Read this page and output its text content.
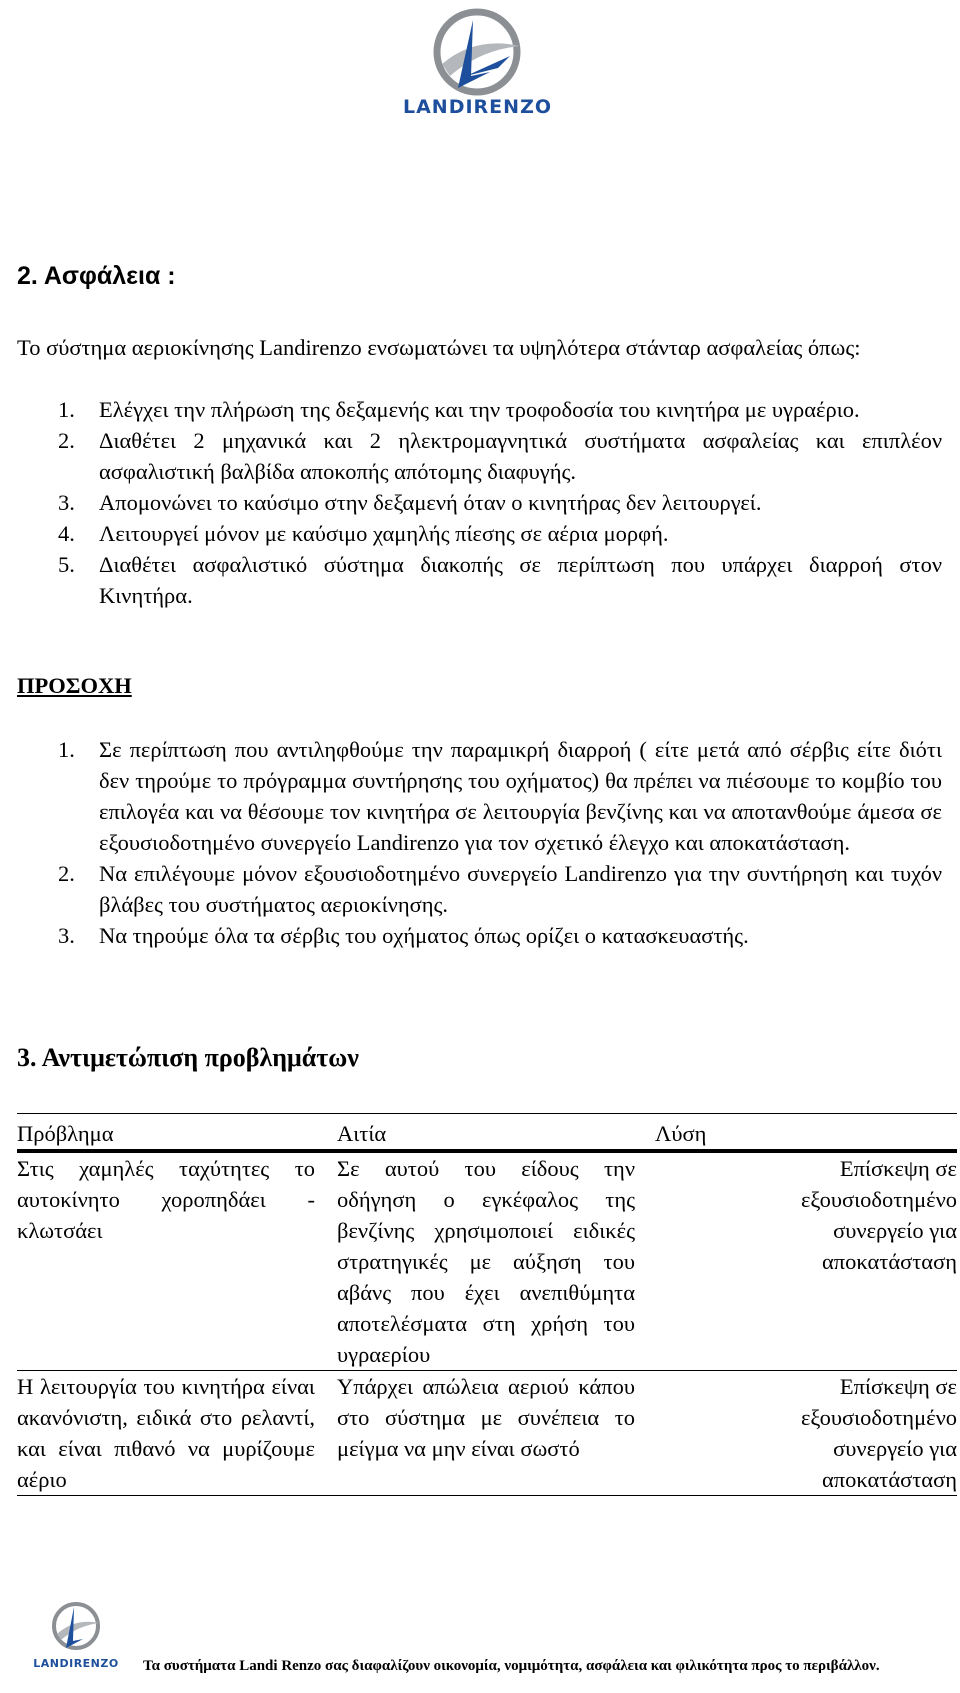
LANDIRENZO
2. Ασφάλεια :

Το σύστημα αεριοκίνησης Landirenzo ενσωματώνει τα υψηλότερα στάνταρ ασφαλείας όπως:

1. Ελέγχει την πλήρωση της δεξαμενής και την τροφοδοσία του κινητήρα με υγραέριο.
2. Διαθέτει 2 μηχανικά και 2 ηλεκτρομαγνητικά συστήματα ασφαλείας και επιπλέον ασφαλιστική βαλβίδα αποκοπής απότομης διαφυγής.
3. Απομονώνει το καύσιμο στην δεξαμενή όταν ο κινητήρας δεν λειτουργεί.
4. Λειτουργεί μόνον με καύσιμο χαμηλής πίεσης σε αέρια μορφή.
5. Διαθέτει ασφαλιστικό σύστημα διακοπής σε περίπτωση που υπάρχει διαρροή στον Κινητήρα.

ΠΡΟΣΟΧΗ

1. Σε περίπτωση που αντιληφθούμε την παραμικρή διαρροή ( είτε μετά από σέρβις είτε διότι δεν τηρούμε το πρόγραμμα συντήρησης του οχήματος) θα πρέπει να πιέσουμε το κομβίο του επιλογέα και να θέσουμε τον κινητήρα σε λειτουργία βενζίνης και να αποτανθούμε άμεσα σε εξουσιοδοτημένο συνεργείο Landirenzo για τον σχετικό έλεγχο και αποκατάσταση.
2. Να επιλέγουμε μόνον εξουσιοδοτημένο συνεργείο Landirenzo για την συντήρηση και τυχόν βλάβες του συστήματος αεριοκίνησης.
3. Να τηρούμε όλα τα σέρβις του οχήματος όπως ορίζει ο κατασκευαστής.
3. Αντιμετώπιση προβλημάτων
Πρόβλημα	Αιτία	Λύση
Στις χαμηλές ταχύτητες το αυτοκίνητο χοροπηδάει - κλωτσάει	Σε αυτού του είδους την οδήγηση ο εγκέφαλος της βενζίνης χρησιμοποιεί ειδικές στρατηγικές με αύξηση του αβάνς που έχει ανεπιθύμητα αποτελέσματα στη χρήση του υγραερίου	Επίσκεψη σε
εξουσιοδοτημένο
συνεργείο για
αποκατάσταση

Η λειτουργία του κινητήρα είναι ακανόνιστη, ειδικά στο ρελαντί, και είναι πιθανό να μυρίζουμε αέριο	Υπάρχει απώλεια αεριού κάπου στο σύστημα με συνέπεια το μείγμα να μην είναι σωστό	Επίσκεψη σε
εξουσιοδοτημένο
συνεργείο για
αποκατάσταση
LANDIRENZO	Τα συστήματα Landi Renzo σας διαφαλίζουν οικονομία, νομιμότητα, ασφάλεια και φιλικότητα προς το περιβάλλον.
